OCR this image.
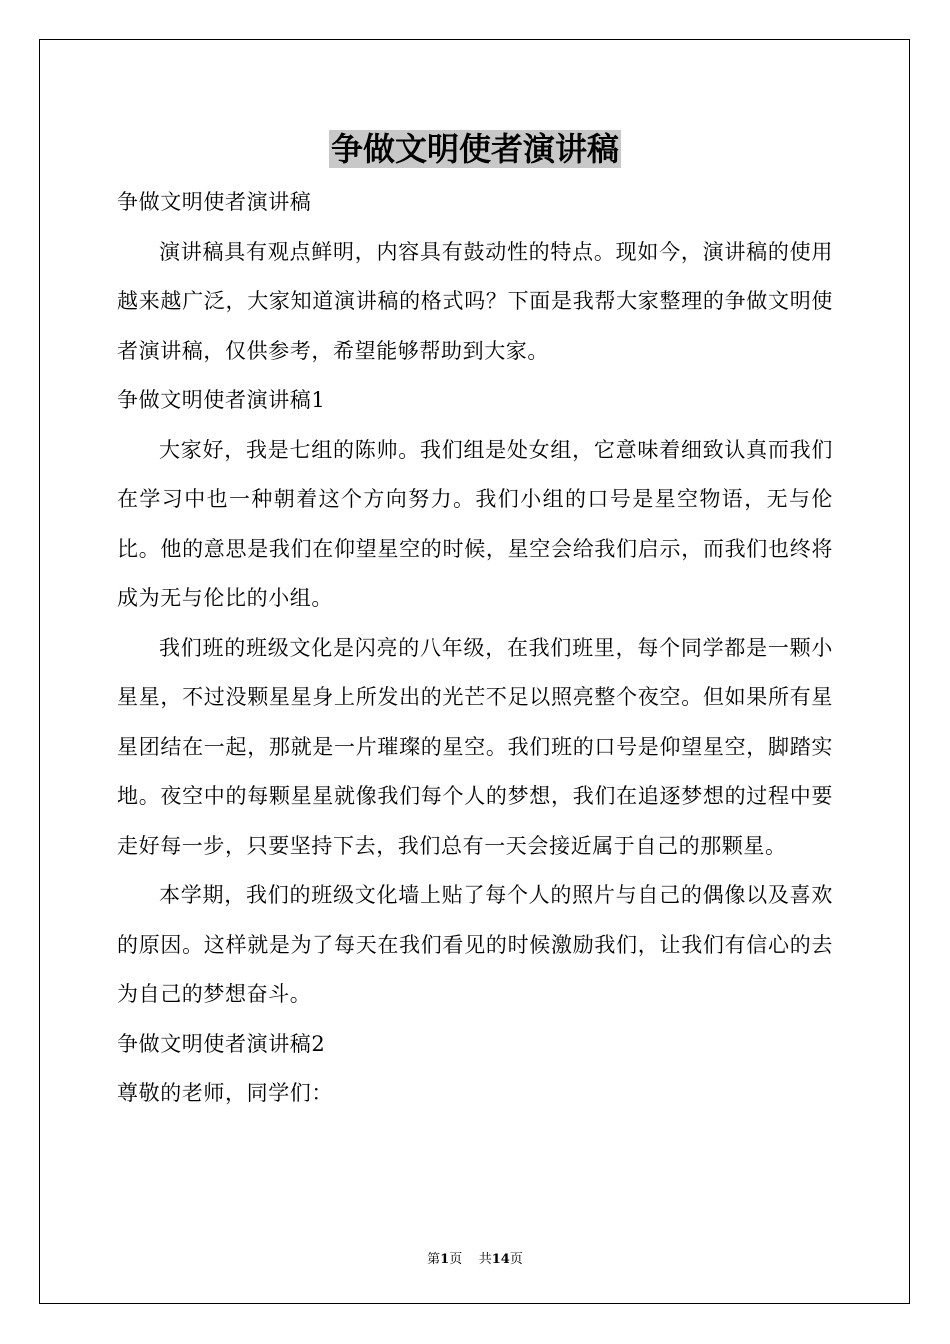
争做文明使者演讲稿

争做文明使者演讲稿

演讲稿具有观点鲜明，内容具有鼓动性的特点。现如今，演讲稿的使用越来越广泛，大家知道演讲稿的格式吗？下面是我帮大家整理的争做文明使者演讲稿，仅供参考，希望能够帮助到大家。

争做文明使者演讲稿1

大家好，我是七组的陈帅。我们组是处女组，它意味着细致认真而我们在学习中也一种朝着这个方向努力。我们小组的口号是星空物语，无与伦比。他的意思是我们在仰望星空的时候，星空会给我们启示，而我们也终将成为无与伦比的小组。

我们班的班级文化是闪亮的八年级，在我们班里，每个同学都是一颗小星星，不过没颗星星身上所发出的光芒不足以照亮整个夜空。但如果所有星星团结在一起，那就是一片璀璨的星空。我们班的口号是仰望星空，脚踏实地。夜空中的每颗星星就像我们每个人的梦想，我们在追逐梦想的过程中要走好每一步，只要坚持下去，我们总有一天会接近属于自己的那颗星。

本学期，我们的班级文化墙上贴了每个人的照片与自己的偶像以及喜欢的原因。这样就是为了每天在我们看见的时候激励我们，让我们有信心的去为自己的梦想奋斗。

争做文明使者演讲稿2

尊敬的老师，同学们：

第1页 共14页
